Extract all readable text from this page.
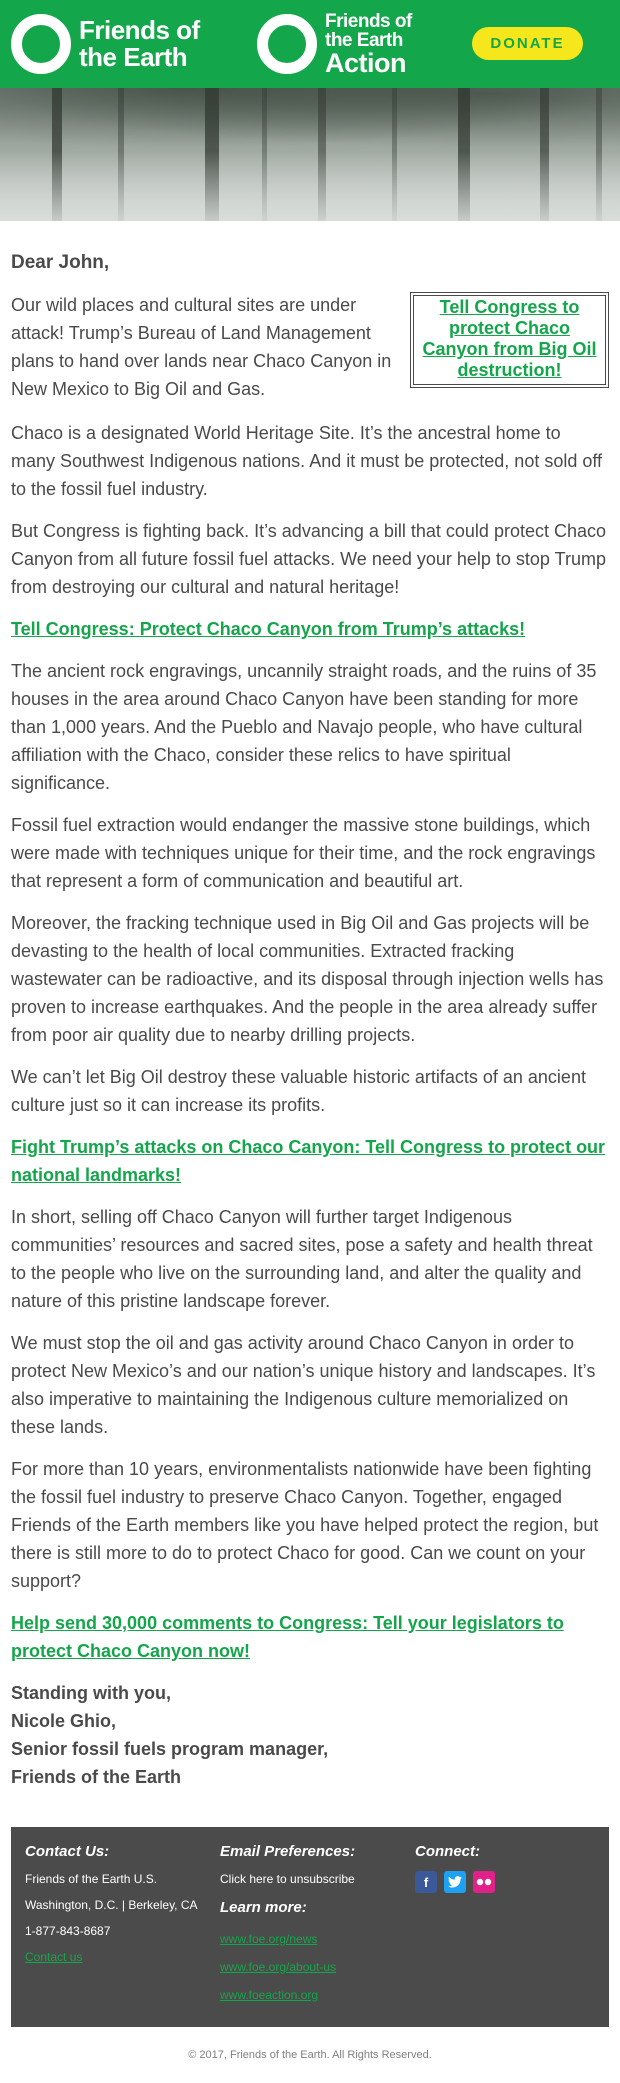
Friends of
the Earth
Friends of
the Earth
Action
DONATE
Dear John,
Tell Congress to protect Chaco Canyon from Big Oil destruction!

Our wild places and cultural sites are under attack! Trump’s Bureau of Land Management plans to hand over lands near Chaco Canyon in New Mexico to Big Oil and Gas.

Chaco is a designated World Heritage Site. It’s the ancestral home to many Southwest Indigenous nations. And it must be protected, not sold off to the fossil fuel industry.

But Congress is fighting back. It’s advancing a bill that could protect Chaco Canyon from all future fossil fuel attacks. We need your help to stop Trump from destroying our cultural and natural heritage!

Tell Congress: Protect Chaco Canyon from Trump’s attacks!

The ancient rock engravings, uncannily straight roads, and the ruins of 35 houses in the area around Chaco Canyon have been standing for more than 1,000 years. And the Pueblo and Navajo people, who have cultural affiliation with the Chaco, consider these relics to have spiritual significance.

Fossil fuel extraction would endanger the massive stone buildings, which were made with techniques unique for their time, and the rock engravings that represent a form of communication and beautiful art.

Moreover, the fracking technique used in Big Oil and Gas projects will be devasting to the health of local communities. Extracted fracking wastewater can be radioactive, and its disposal through injection wells has proven to increase earthquakes. And the people in the area already suffer from poor air quality due to nearby drilling projects.

We can’t let Big Oil destroy these valuable historic artifacts of an ancient culture just so it can increase its profits.

Fight Trump’s attacks on Chaco Canyon: Tell Congress to protect our national landmarks!

In short, selling off Chaco Canyon will further target Indigenous communities’ resources and sacred sites, pose a safety and health threat to the people who live on the surrounding land, and alter the quality and nature of this pristine landscape forever.

We must stop the oil and gas activity around Chaco Canyon in order to protect New Mexico’s and our nation’s unique history and landscapes. It’s also imperative to maintaining the Indigenous culture memorialized on these lands.

For more than 10 years, environmentalists nationwide have been fighting the fossil fuel industry to preserve Chaco Canyon. Together, engaged Friends of the Earth members like you have helped protect the region, but there is still more to do to protect Chaco for good. Can we count on your support?

Help send 30,000 comments to Congress: Tell your legislators to protect Chaco Canyon now!
Standing with you,
Nicole Ghio,
Senior fossil fuels program manager,
Friends of the Earth
Contact Us:
Friends of the Earth U.S.
Washington, D.C. | Berkeley, CA
1-877-843-8687
Contact us
Email Preferences:
Click here to unsubscribe
Learn more:
www.foe.org/news
www.foe.org/about-us
www.foeaction.org
Connect:
f
© 2017, Friends of the Earth. All Rights Reserved.
